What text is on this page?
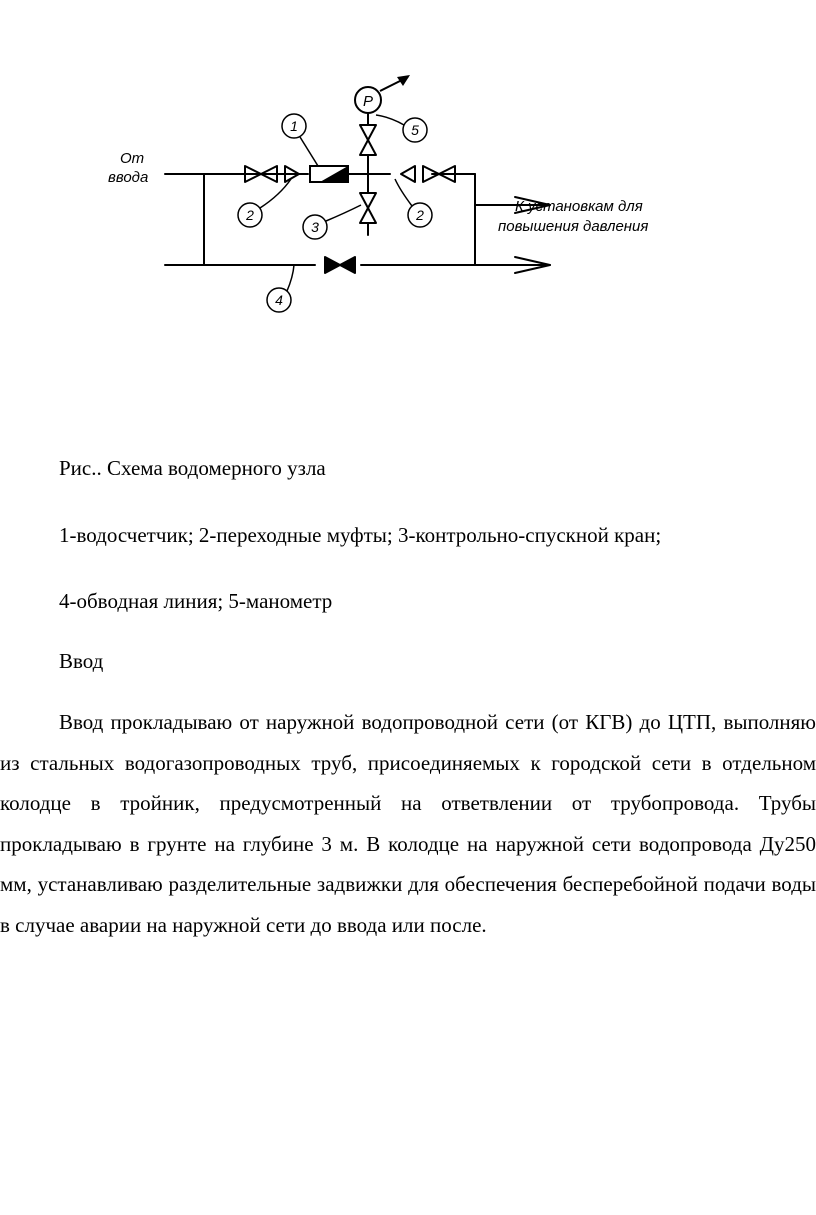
P
1
2	2
3
4
5
От
ввода
К установкам для
повышения давления
Рис.. Схема водомерного узла
1-водосчетчик; 2-переходные муфты; 3-контрольно-спускной кран;
4-обводная линия; 5-манометр
Ввод

Ввод прокладываю от наружной водопроводной сети (от КГВ) до ЦТП, выполняю из стальных водогазопроводных труб, присоединяемых к городской сети в отдельном колодце в тройник, предусмотренный на ответвлении от трубопровода. Трубы прокладываю в грунте на глубине 3 м. В колодце на наружной сети водопровода Ду250 мм, устанавливаю разделительные задвижки для обеспечения бесперебойной подачи воды в случае аварии на наружной сети до ввода или после.
